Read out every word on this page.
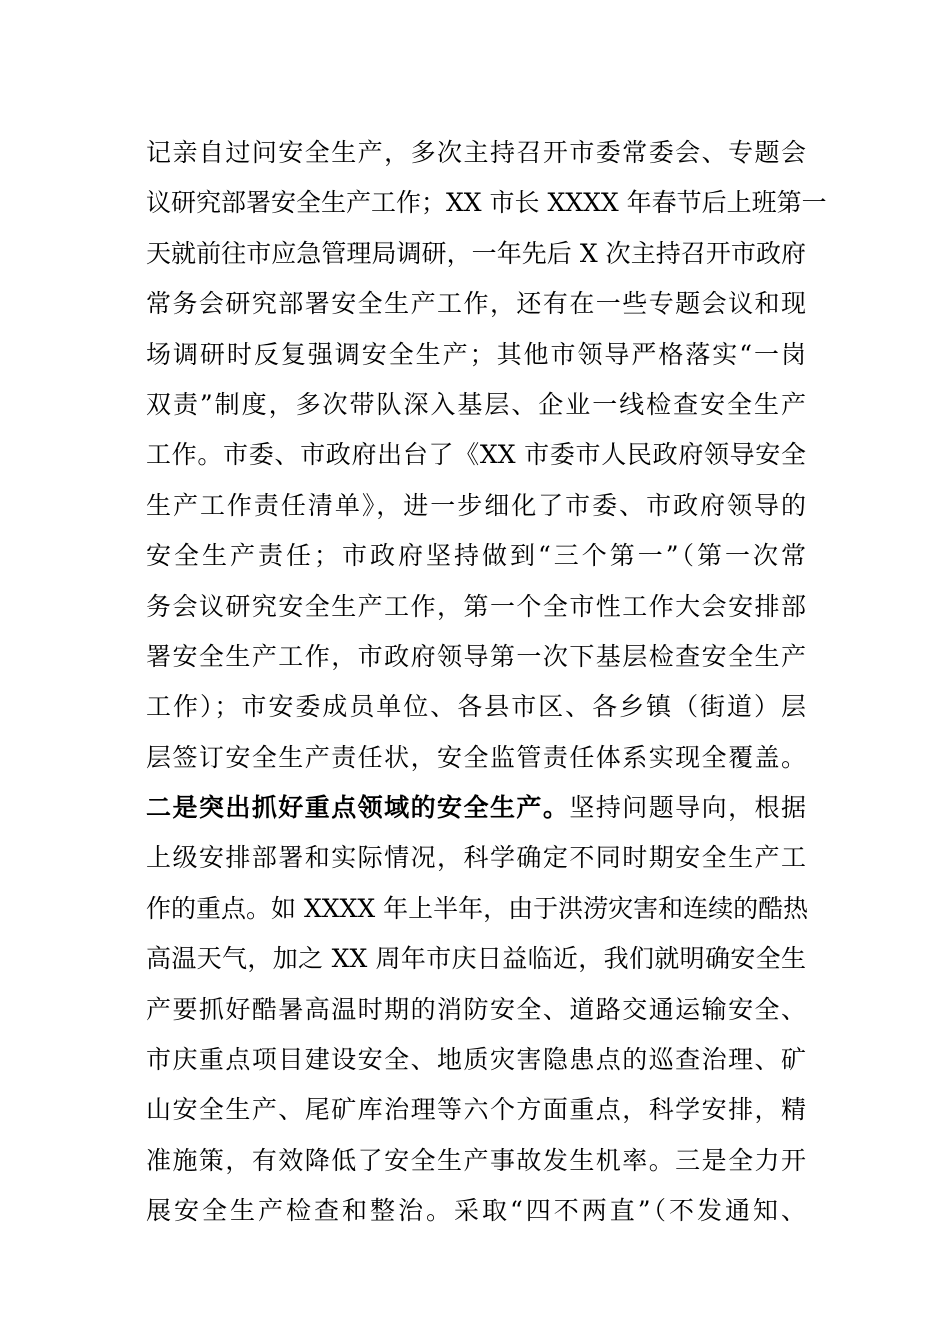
记亲自过问安全生产，多次主持召开市委常委会、专题会
议研究部署安全生产工作；XX 市长 XXXX 年春节后上班第一
天就前往市应急管理局调研，一年先后 X 次主持召开市政府
常务会研究部署安全生产工作，还有在一些专题会议和现
场调研时反复强调安全生产；其他市领导严格落实“一岗
双责”制度，多次带队深入基层、企业一线检查安全生产
工作。市委、市政府出台了《XX 市委市人民政府领导安全
生产工作责任清单》，进一步细化了市委、市政府领导的
安全生产责任；市政府坚持做到“三个第一”（第一次常
务会议研究安全生产工作，第一个全市性工作大会安排部
署安全生产工作，市政府领导第一次下基层检查安全生产
工作）；市安委成员单位、各县市区、各乡镇（街道）层
层签订安全生产责任状，安全监管责任体系实现全覆盖。
二是突出抓好重点领域的安全生产。坚持问题导向，根据
上级安排部署和实际情况，科学确定不同时期安全生产工
作的重点。如 XXXX 年上半年，由于洪涝灾害和连续的酷热
高温天气，加之 XX 周年市庆日益临近，我们就明确安全生
产要抓好酷暑高温时期的消防安全、道路交通运输安全、
市庆重点项目建设安全、地质灾害隐患点的巡查治理、矿
山安全生产、尾矿库治理等六个方面重点，科学安排，精
准施策，有效降低了安全生产事故发生机率。三是全力开
展安全生产检查和整治。采取“四不两直”（不发通知、
